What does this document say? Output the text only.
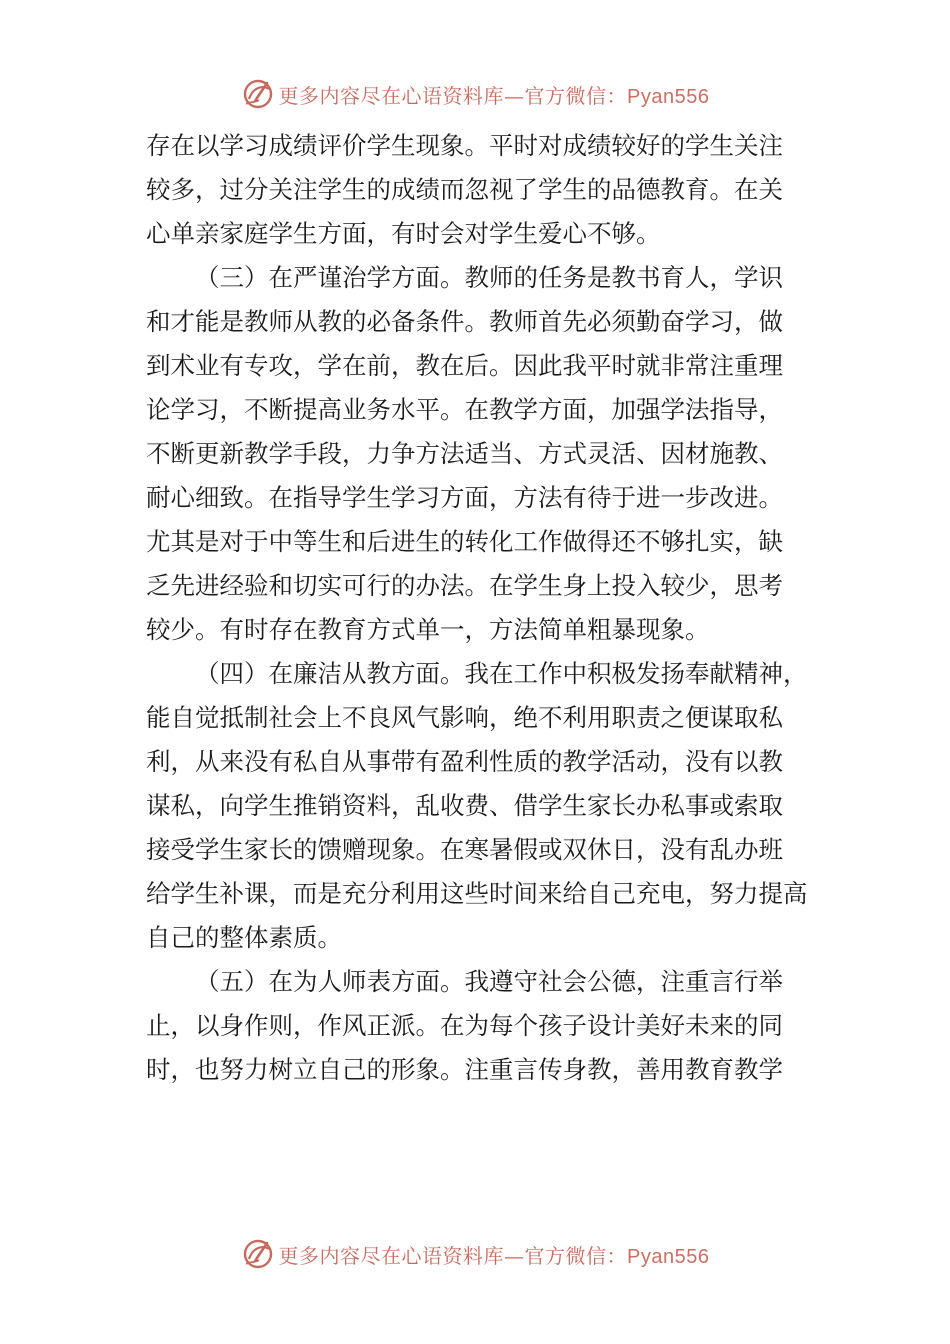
更多内容尽在心语资料库—官方微信：Pyan556
存在以学习成绩评价学生现象。平时对成绩较好的学生关注
较多，过分关注学生的成绩而忽视了学生的品德教育。在关
心单亲家庭学生方面，有时会对学生爱心不够。
（三）在严谨治学方面。教师的任务是教书育人，学识
和才能是教师从教的必备条件。教师首先必须勤奋学习，做
到术业有专攻，学在前，教在后。因此我平时就非常注重理
论学习，不断提高业务水平。在教学方面，加强学法指导，
不断更新教学手段，力争方法适当、方式灵活、因材施教、
耐心细致。在指导学生学习方面，方法有待于进一步改进。
尤其是对于中等生和后进生的转化工作做得还不够扎实，缺
乏先进经验和切实可行的办法。在学生身上投入较少，思考
较少。有时存在教育方式单一，方法简单粗暴现象。
（四）在廉洁从教方面。我在工作中积极发扬奉献精神，
能自觉抵制社会上不良风气影响，绝不利用职责之便谋取私
利，从来没有私自从事带有盈利性质的教学活动，没有以教
谋私，向学生推销资料，乱收费、借学生家长办私事或索取
接受学生家长的馈赠现象。在寒暑假或双休日，没有乱办班
给学生补课，而是充分利用这些时间来给自己充电，努力提高
自己的整体素质。
（五）在为人师表方面。我遵守社会公德，注重言行举
止，以身作则，作风正派。在为每个孩子设计美好未来的同
时，也努力树立自己的形象。注重言传身教，善用教育教学
更多内容尽在心语资料库—官方微信：Pyan556
